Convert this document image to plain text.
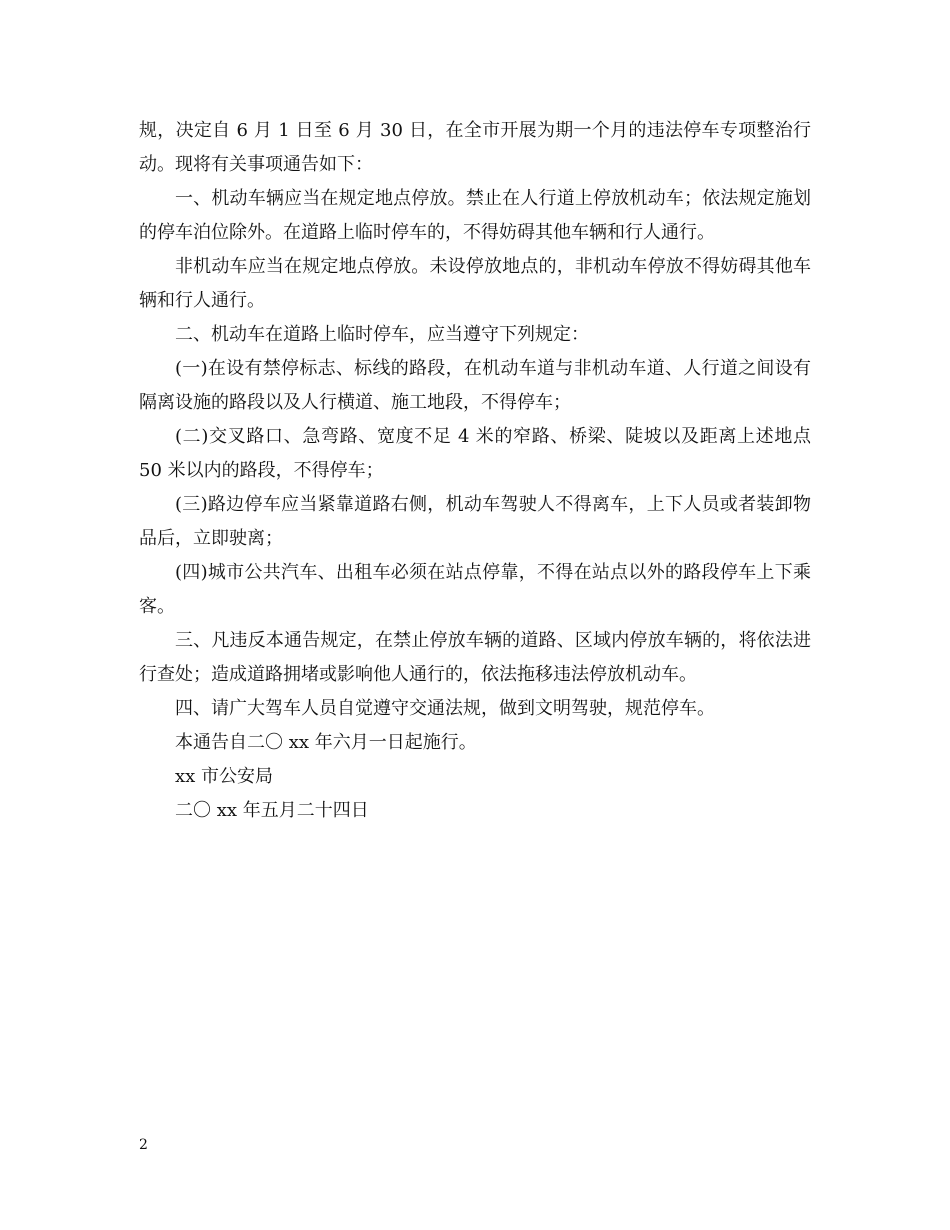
规，决定自 6 月 1 日至 6 月 30 日，在全市开展为期一个月的违法停车专项整治行动。现将有关事项通告如下：

一、机动车辆应当在规定地点停放。禁止在人行道上停放机动车；依法规定施划的停车泊位除外。在道路上临时停车的，不得妨碍其他车辆和行人通行。

非机动车应当在规定地点停放。未设停放地点的，非机动车停放不得妨碍其他车辆和行人通行。

二、机动车在道路上临时停车，应当遵守下列规定：

(一)在设有禁停标志、标线的路段，在机动车道与非机动车道、人行道之间设有隔离设施的路段以及人行横道、施工地段，不得停车；

(二)交叉路口、急弯路、宽度不足 4 米的窄路、桥梁、陡坡以及距离上述地点 50 米以内的路段，不得停车；

(三)路边停车应当紧靠道路右侧，机动车驾驶人不得离车，上下人员或者装卸物品后，立即驶离；

(四)城市公共汽车、出租车必须在站点停靠，不得在站点以外的路段停车上下乘客。

三、凡违反本通告规定，在禁止停放车辆的道路、区域内停放车辆的，将依法进行查处；造成道路拥堵或影响他人通行的，依法拖移违法停放机动车。

四、请广大驾车人员自觉遵守交通法规，做到文明驾驶，规范停车。

本通告自二〇 xx 年六月一日起施行。

xx 市公安局

二〇 xx 年五月二十四日

2
